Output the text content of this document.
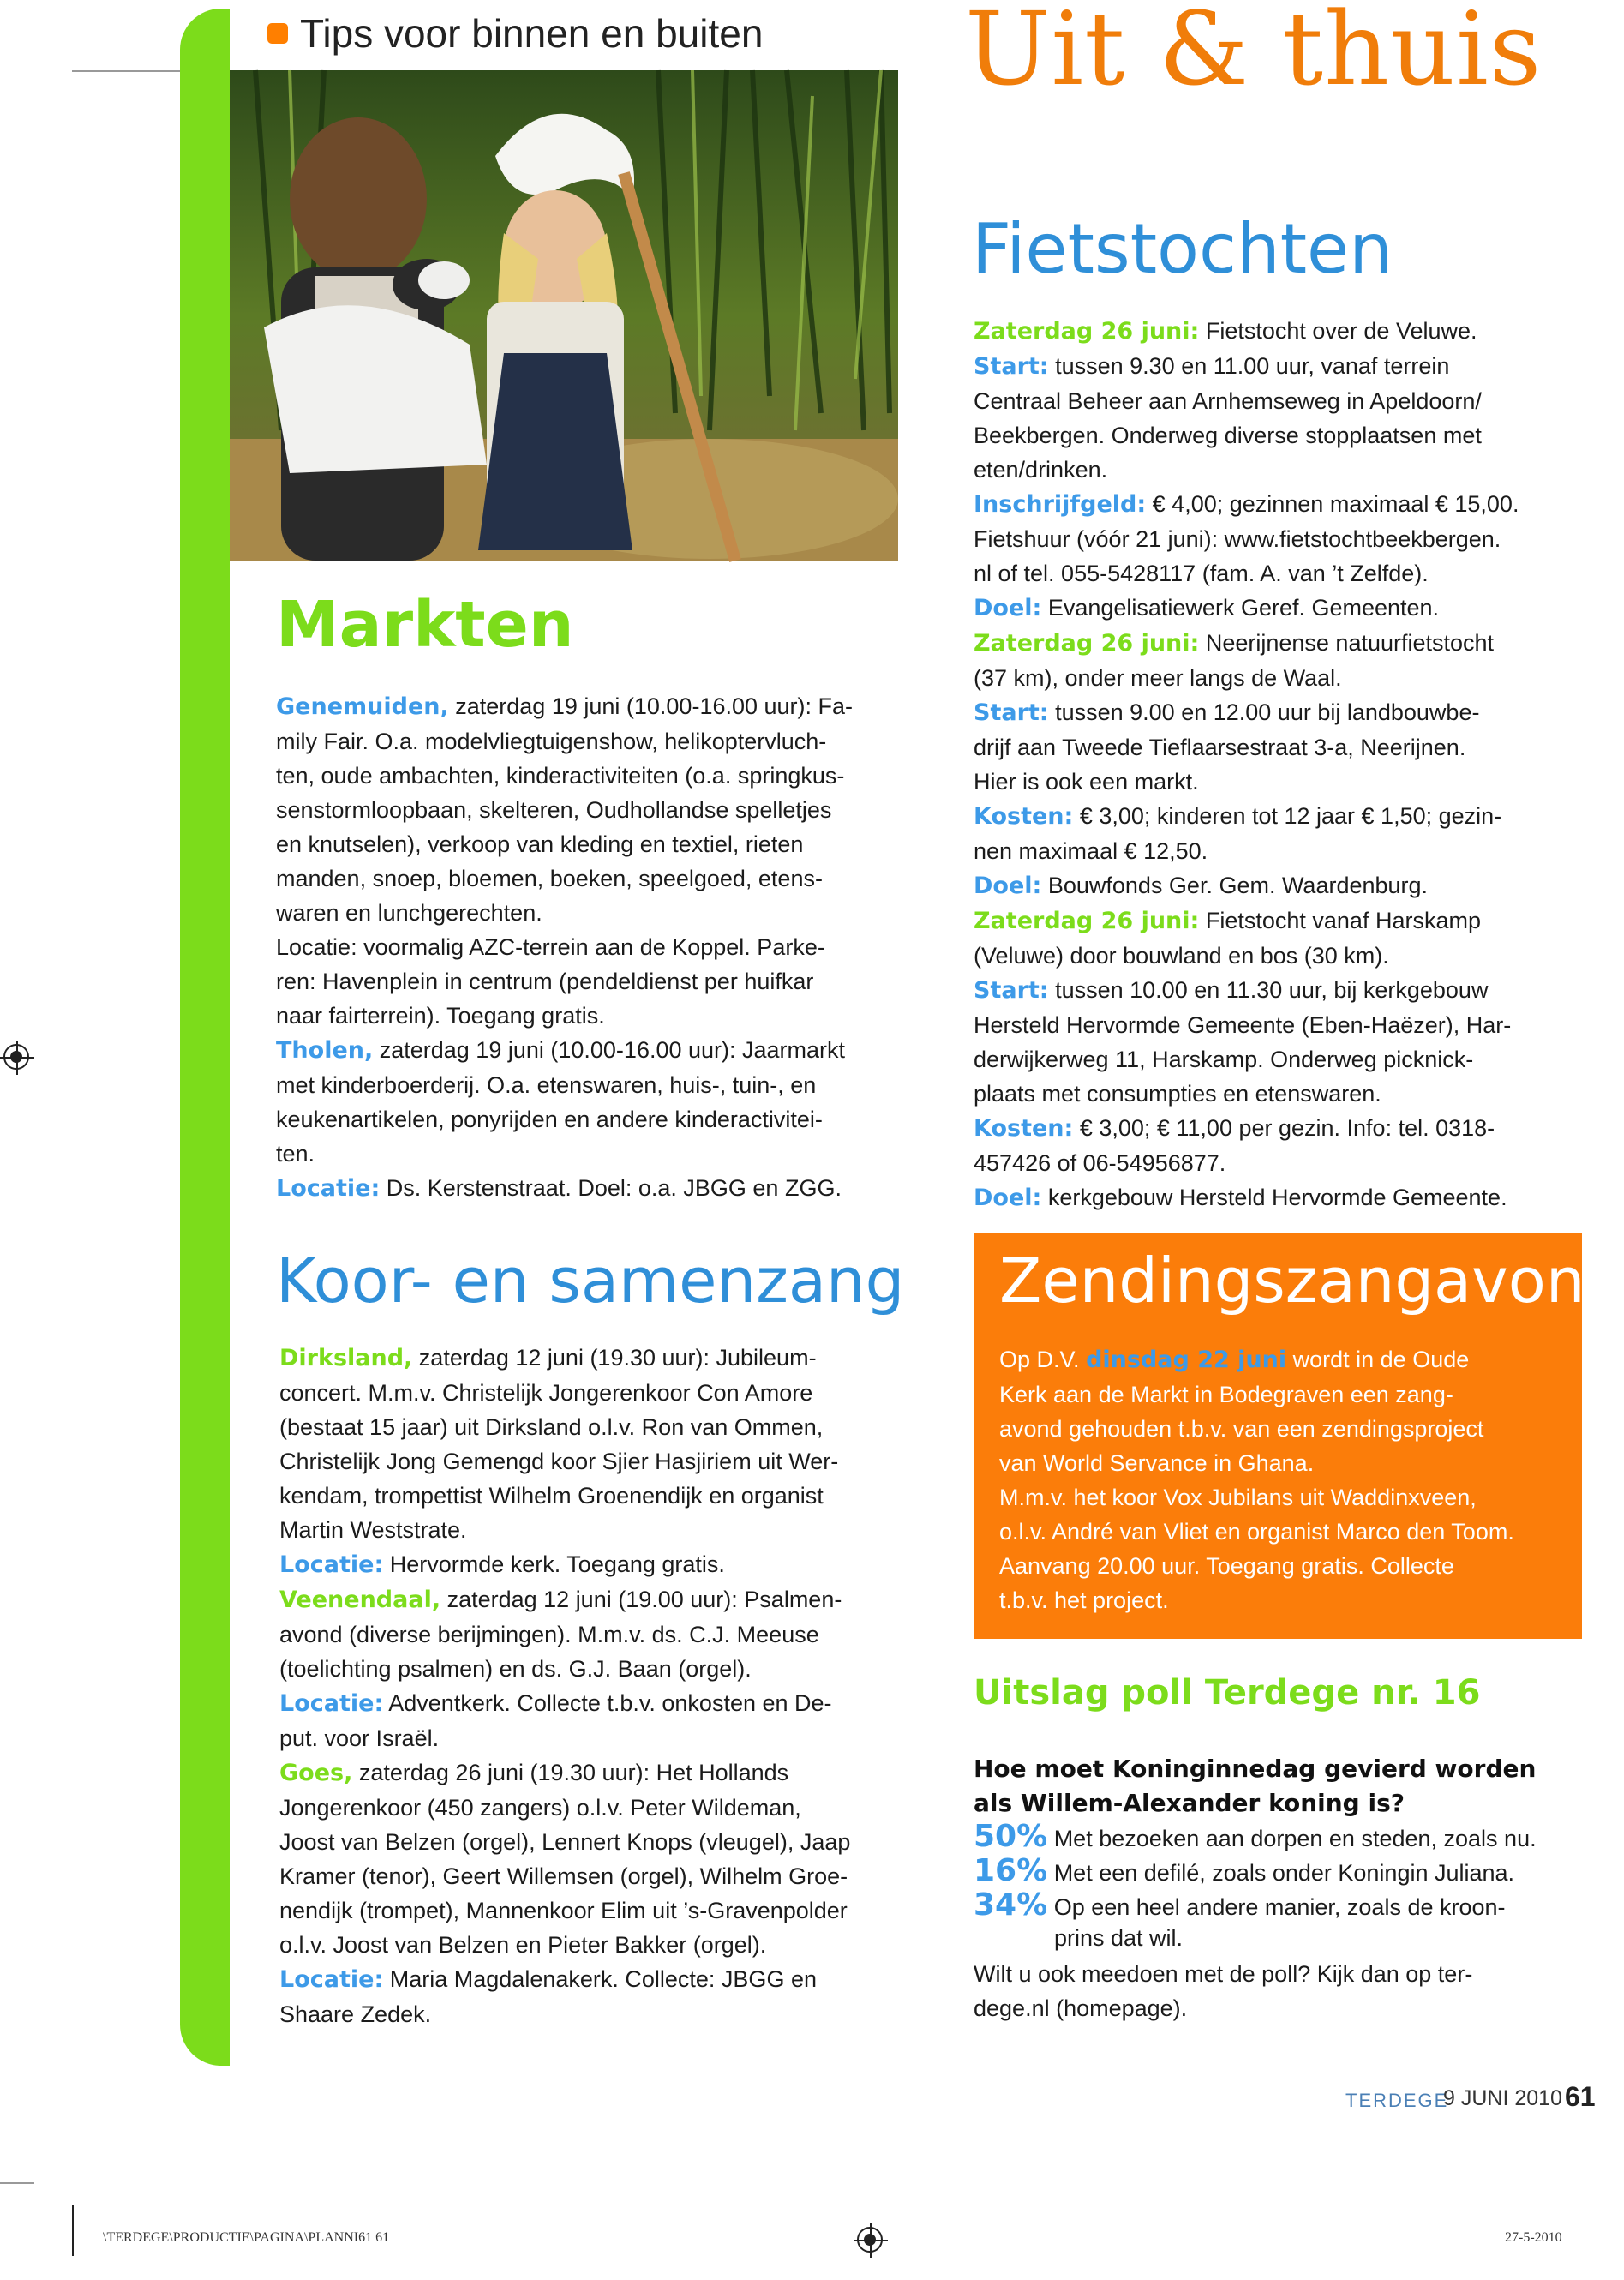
Tips voor binnen en buiten Uit & thuis
Markten

Genemuiden, zaterdag 19 juni (10.00-16.00 uur): Fa-

mily Fair. O.a. modelvliegtuigenshow, helikoptervluch-

ten, oude ambachten, kinderactiviteiten (o.a. springkus-

senstormloopbaan, skelteren, Oudhollandse spelletjes

en knutselen), verkoop van kleding en textiel, rieten

manden, snoep, bloemen, boeken, speelgoed, etens-

waren en lunchgerechten.

Locatie: voormalig AZC-terrein aan de Koppel. Parke-

ren: Havenplein in centrum (pendeldienst per huifkar

naar fairterrein). Toegang gratis.

Tholen, zaterdag 19 juni (10.00-16.00 uur): Jaarmarkt

met kinderboerderij. O.a. etenswaren, huis-, tuin-, en

keukenartikelen, ponyrijden en andere kinderactivitei-

ten.

Locatie: Ds. Kerstenstraat. Doel: o.a. JBGG en ZGG.

Koor- en samenzang

Dirksland, zaterdag 12 juni (19.30 uur): Jubileum-

concert. M.m.v. Christelijk Jongerenkoor Con Amore

(bestaat 15 jaar) uit Dirksland o.l.v. Ron van Ommen,

Christelijk Jong Gemengd koor Sjier Hasjiriem uit Wer-

kendam, trompettist Wilhelm Groenendijk en organist

Martin Weststrate.

Locatie: Hervormde kerk. Toegang gratis.

Veenendaal, zaterdag 12 juni (19.00 uur): Psalmen-

avond (diverse berijmingen). M.m.v. ds. C.J. Meeuse

(toelichting psalmen) en ds. G.J. Baan (orgel).

Locatie: Adventkerk. Collecte t.b.v. onkosten en De-

put. voor Israël.

Goes, zaterdag 26 juni (19.30 uur): Het Hollands

Jongerenkoor (450 zangers) o.l.v. Peter Wildeman,

Joost van Belzen (orgel), Lennert Knops (vleugel), Jaap

Kramer (tenor), Geert Willemsen (orgel), Wilhelm Groe-

nendijk (trompet), Mannenkoor Elim uit ’s-Gravenpolder

o.l.v. Joost van Belzen en Pieter Bakker (orgel).

Locatie: Maria Magdalenakerk. Collecte: JBGG en

Shaare Zedek.

Fietstochten

Zaterdag 26 juni: Fietstocht over de Veluwe.

Start: tussen 9.30 en 11.00 uur, vanaf terrein

Centraal Beheer aan Arnhemseweg in Apeldoorn/

Beekbergen. Onderweg diverse stopplaatsen met

eten/drinken.

Inschrijfgeld: € 4,00; gezinnen maximaal € 15,00.

Fietshuur (vóór 21 juni): www.fietstochtbeekbergen.

nl of tel. 055-5428117 (fam. A. van ’t Zelfde).

Doel: Evangelisatiewerk Geref. Gemeenten.

Zaterdag 26 juni: Neerijnense natuurfietstocht

(37 km), onder meer langs de Waal.

Start: tussen 9.00 en 12.00 uur bij landbouwbe-

drijf aan Tweede Tieflaarsestraat 3-a, Neerijnen.

Hier is ook een markt.

Kosten: € 3,00; kinderen tot 12 jaar € 1,50; gezin-

nen maximaal € 12,50.

Doel: Bouwfonds Ger. Gem. Waardenburg.

Zaterdag 26 juni: Fietstocht vanaf Harskamp

(Veluwe) door bouwland en bos (30 km).

Start: tussen 10.00 en 11.30 uur, bij kerkgebouw

Hersteld Hervormde Gemeente (Eben-Haëzer), Har-

derwijkerweg 11, Harskamp. Onderweg picknick-

plaats met consumpties en etenswaren.

Kosten: € 3,00; € 11,00 per gezin. Info: tel. 0318-

457426 of 06-54956877.

Doel: kerkgebouw Hersteld Hervormde Gemeente.

Zendingszangavond

Op D.V. dinsdag 22 juni wordt in de Oude

Kerk aan de Markt in Bodegraven een zang-

avond gehouden t.b.v. van een zendingsproject

van World Servance in Ghana.

M.m.v. het koor Vox Jubilans uit Waddinxveen,

o.l.v. André van Vliet en organist Marco den Toom.

Aanvang 20.00 uur. Toegang gratis. Collecte

t.b.v. het project.

Uitslag poll Terdege nr. 16
Hoe moet Koninginnedag gevierd worden
als Willem-Alexander koning is?
50% Met bezoeken aan dorpen en steden, zoals nu.
16% Met een defilé, zoals onder Koningin Juliana.
34% Op een heel andere manier, zoals de kroon-
prins dat wil.
Wilt u ook meedoen met de poll? Kijk dan op ter-
dege.nl (homepage).
TERDEGE
9 JUNI 2010 61
\TERDEGE\PRODUCTIE\PAGINA\PLANNI61 61	27-5-2010
